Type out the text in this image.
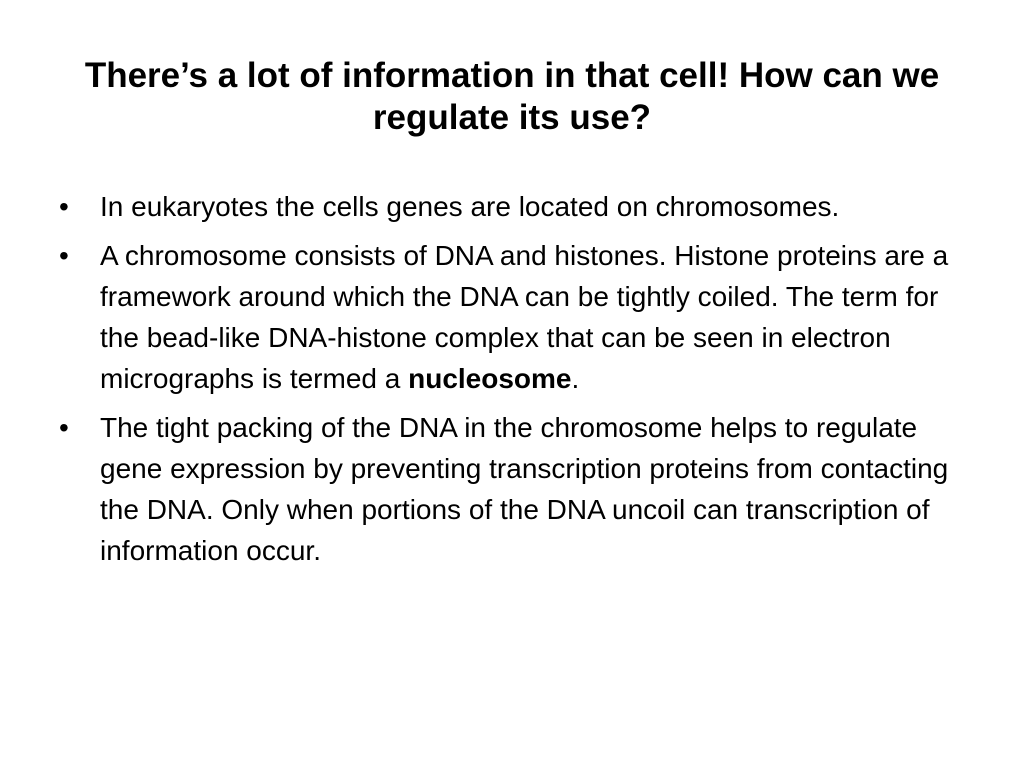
There’s a lot of information in that cell! How can we regulate its use?
• In eukaryotes the cells genes are located on chromosomes.
• A chromosome consists of DNA and histones. Histone proteins are a framework around which the DNA can be tightly coiled. The term for the bead-like DNA-histone complex that can be seen in electron micrographs is termed a nucleosome.
• The tight packing of the DNA in the chromosome helps to regulate gene expression by preventing transcription proteins from contacting the DNA. Only when portions of the DNA uncoil can transcription of information occur.
